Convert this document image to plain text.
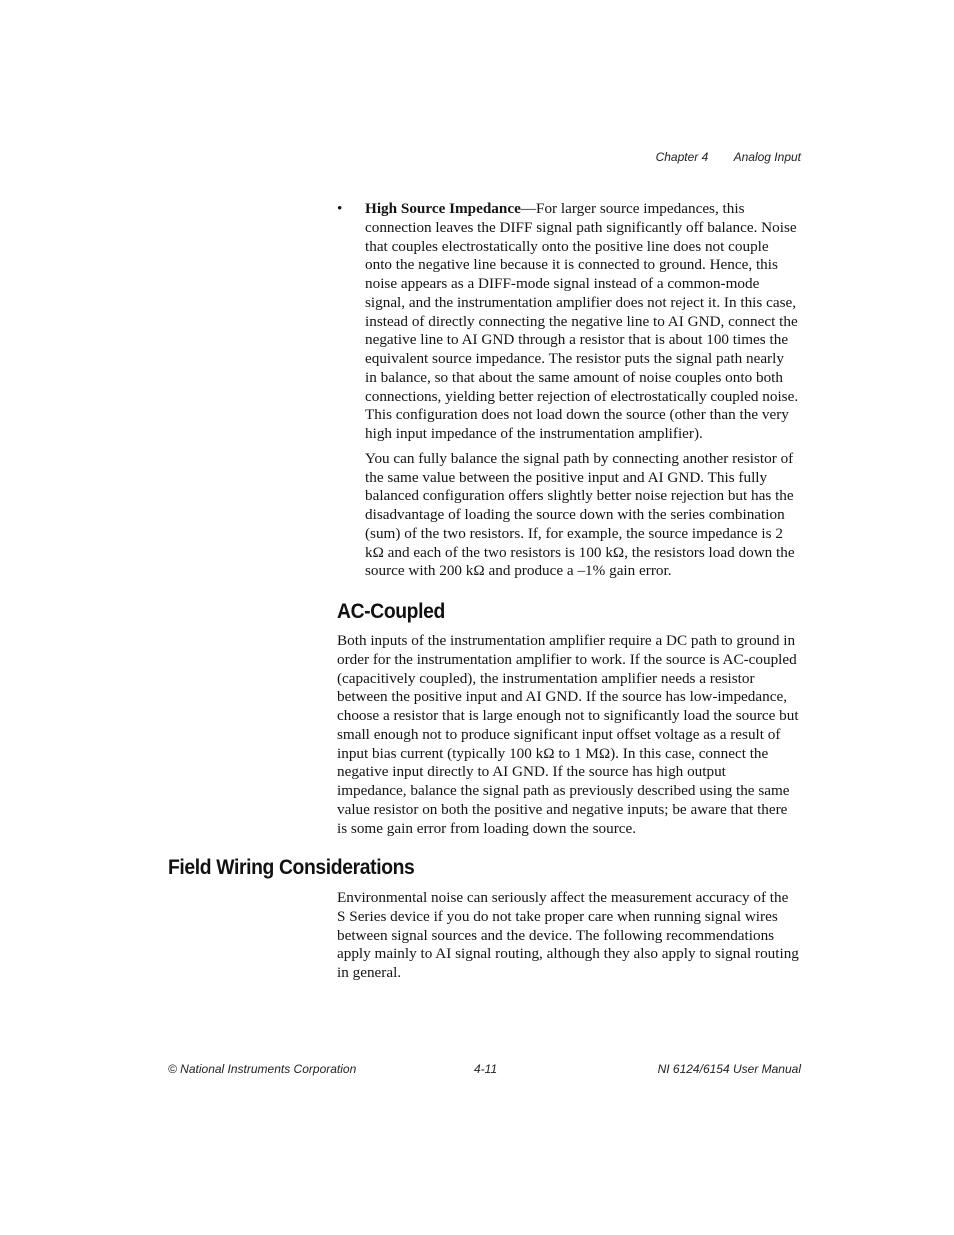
Chapter 4 Analog Input
•	High Source Impedance—For larger source impedances, this connection leaves the DIFF signal path significantly off balance. Noise that couples electrostatically onto the positive line does not couple onto the negative line because it is connected to ground. Hence, this noise appears as a DIFF-mode signal instead of a common-mode signal, and the instrumentation amplifier does not reject it. In this case, instead of directly connecting the negative line to AI GND, connect the negative line to AI GND through a resistor that is about 100 times the equivalent source impedance. The resistor puts the signal path nearly in balance, so that about the same amount of noise couples onto both connections, yielding better rejection of electrostatically coupled noise. This configuration does not load down the source (other than the very high input impedance of the instrumentation amplifier).

You can fully balance the signal path by connecting another resistor of the same value between the positive input and AI GND. This fully balanced configuration offers slightly better noise rejection but has the disadvantage of loading the source down with the series combination (sum) of the two resistors. If, for example, the source impedance is 2 kΩ and each of the two resistors is 100 kΩ, the resistors load down the source with 200 kΩ and produce a –1% gain error.

AC-Coupled

Both inputs of the instrumentation amplifier require a DC path to ground in order for the instrumentation amplifier to work. If the source is AC-coupled (capacitively coupled), the instrumentation amplifier needs a resistor between the positive input and AI GND. If the source has low-impedance, choose a resistor that is large enough not to significantly load the source but small enough not to produce significant input offset voltage as a result of input bias current (typically 100 kΩ to 1 MΩ). In this case, connect the negative input directly to AI GND. If the source has high output impedance, balance the signal path as previously described using the same value resistor on both the positive and negative inputs; be aware that there is some gain error from loading down the source.

Field Wiring Considerations

Environmental noise can seriously affect the measurement accuracy of the S Series device if you do not take proper care when running signal wires between signal sources and the device. The following recommendations apply mainly to AI signal routing, although they also apply to signal routing in general.

© National Instruments Corporation	4-11	NI 6124/6154 User Manual
